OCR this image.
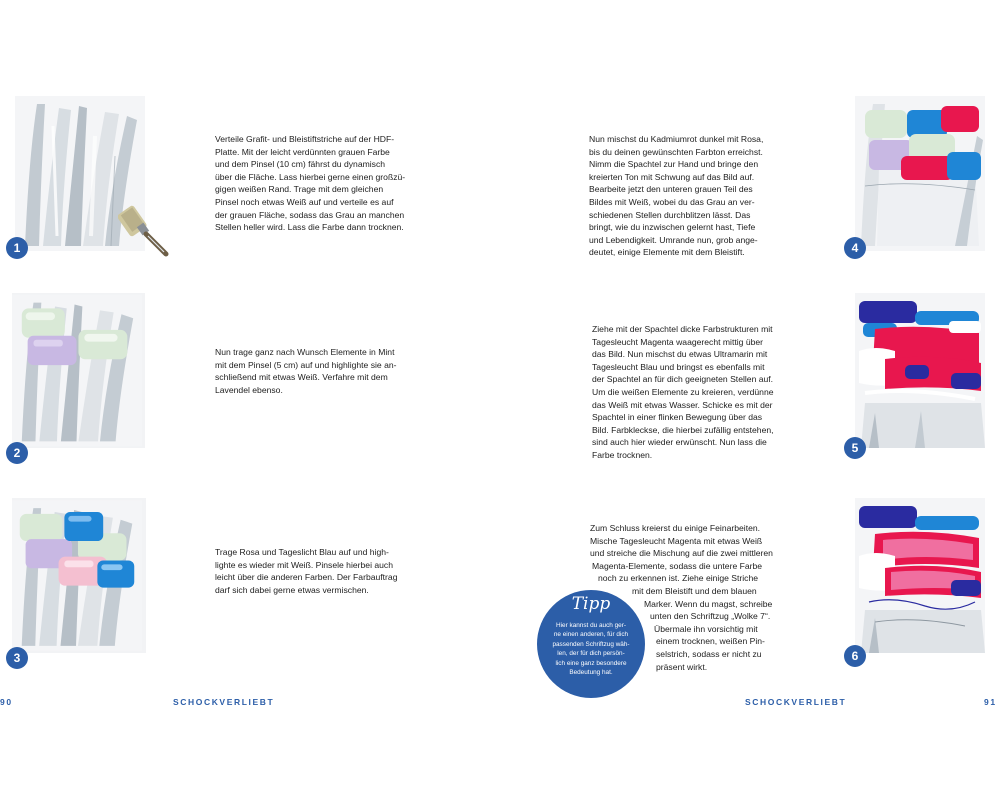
1
Verteile Grafit- und Bleistiftstriche auf der HDF-
Platte. Mit der leicht verdünnten grauen Farbe
und dem Pinsel (10 cm) fährst du dynamisch
über die Fläche. Lass hierbei gerne einen großzü-
gigen weißen Rand. Trage mit dem gleichen
Pinsel noch etwas Weiß auf und verteile es auf
der grauen Fläche, sodass das Grau an manchen
Stellen heller wird. Lass die Farbe dann trocknen.
2
Nun trage ganz nach Wunsch Elemente in Mint
mit dem Pinsel (5 cm) auf und highlighte sie an-
schließend mit etwas Weiß. Verfahre mit dem
Lavendel ebenso.
3
Trage Rosa und Tageslicht Blau auf und high-
lighte es wieder mit Weiß. Pinsele hierbei auch
leicht über die anderen Farben. Der Farbauftrag
darf sich dabei gerne etwas vermischen.
90	SCHOCKVERLIEBT
4
Nun mischst du Kadmiumrot dunkel mit Rosa,
bis du deinen gewünschten Farbton erreichst.
Nimm die Spachtel zur Hand und bringe den
kreierten Ton mit Schwung auf das Bild auf.
Bearbeite jetzt den unteren grauen Teil des
Bildes mit Weiß, wobei du das Grau an ver-
schiedenen Stellen durchblitzen lässt. Das
bringt, wie du inzwischen gelernt hast, Tiefe
und Lebendigkeit. Umrande nun, grob ange-
deutet, einige Elemente mit dem Bleistift.
5
Ziehe mit der Spachtel dicke Farbstrukturen mit
Tagesleucht Magenta waagerecht mittig über
das Bild. Nun mischst du etwas Ultramarin mit
Tagesleucht Blau und bringst es ebenfalls mit
der Spachtel an für dich geeigneten Stellen auf.
Um die weißen Elemente zu kreieren, verdünne
das Weiß mit etwas Wasser. Schicke es mit der
Spachtel in einer flinken Bewegung über das
Bild. Farbkleckse, die hierbei zufällig entstehen,
sind auch hier wieder erwünscht. Nun lass die
Farbe trocknen.
6
Zum Schluss kreierst du einige Feinarbeiten.
Mische Tagesleucht Magenta mit etwas Weiß
und streiche die Mischung auf die zwei mittleren
Magenta-Elemente, sodass die untere Farbe
noch zu erkennen ist. Ziehe einige Striche
mit dem Bleistift und dem blauen
Marker. Wenn du magst, schreibe
unten den Schriftzug „Wolke 7“.
Übermale ihn vorsichtig mit
einem trocknen, weißen Pin-
selstrich, sodass er nicht zu
präsent wirkt.
Tipp
Hier kannst du auch ger-
ne einen anderen, für dich
passenden Schriftzug wäh-
len, der für dich persön-
lich eine ganz besondere
Bedeutung hat.
SCHOCKVERLIEBT	91
